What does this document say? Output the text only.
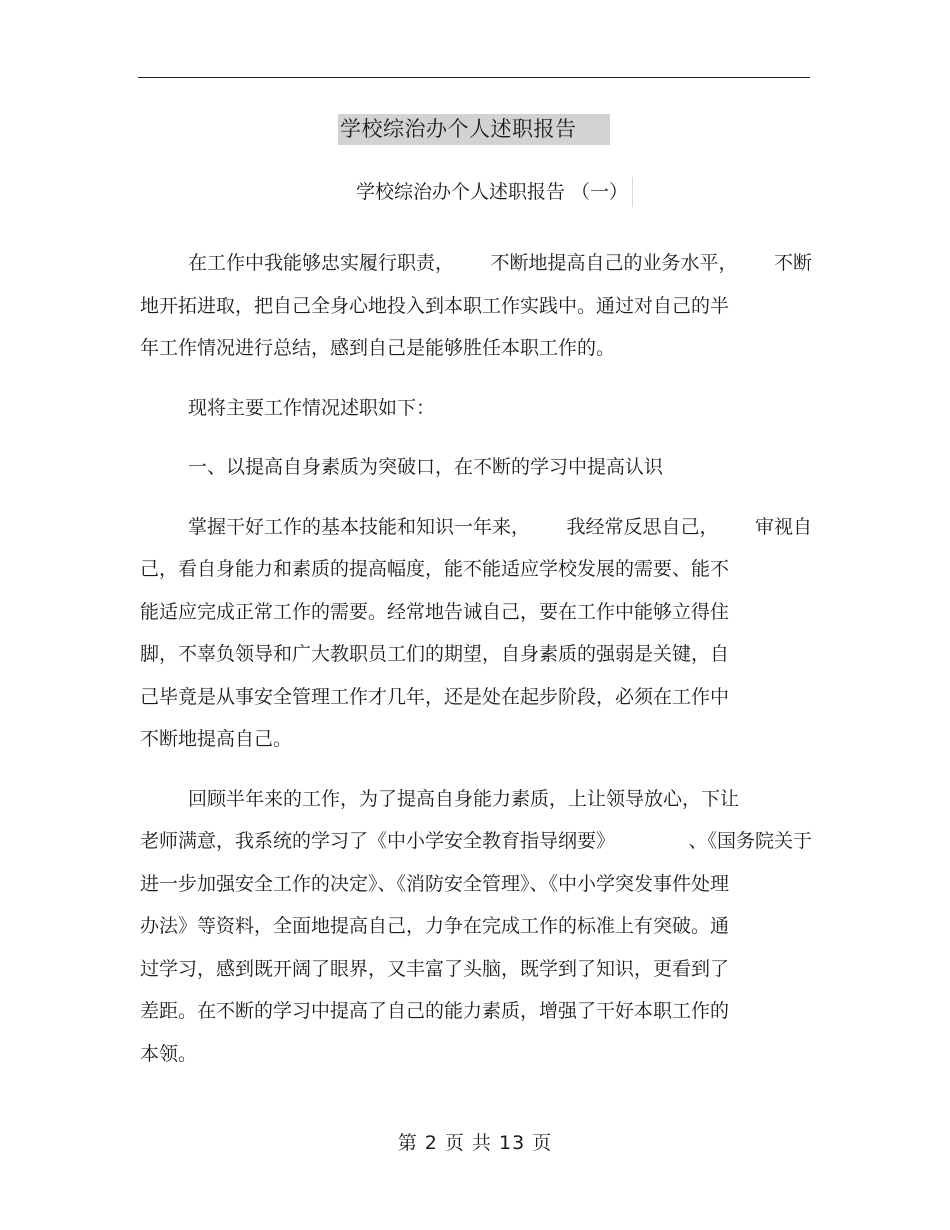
学校综治办个人述职报告
学校综治办个人述职报告 （一）
在工作中我能够忠实履行职责， 不断地提高自己的业务水平， 不断
地开拓进取，把自己全身心地投入到本职工作实践中。通过对自己的半
年工作情况进行总结，感到自己是能够胜任本职工作的。
现将主要工作情况述职如下：
一、以提高自身素质为突破口，在不断的学习中提高认识
掌握干好工作的基本技能和知识一年来， 我经常反思自己， 审视自
己，看自身能力和素质的提高幅度，能不能适应学校发展的需要、能不
能适应完成正常工作的需要。经常地告诫自己，要在工作中能够立得住
脚，不辜负领导和广大教职员工们的期望，自身素质的强弱是关键，自
己毕竟是从事安全管理工作才几年，还是处在起步阶段，必须在工作中
不断地提高自己。
回顾半年来的工作，为了提高自身能力素质，上让领导放心，下让
老师满意，我系统的学习了《中小学安全教育指导纲要》	、《国务院关于
进一步加强安全工作的决定》、《消防安全管理》、《中小学突发事件处理
办法》等资料，全面地提高自己，力争在完成工作的标准上有突破。通
过学习，感到既开阔了眼界，又丰富了头脑，既学到了知识，更看到了
差距。在不断的学习中提高了自己的能力素质，增强了干好本职工作的
本领。
第 2 页 共 13 页
